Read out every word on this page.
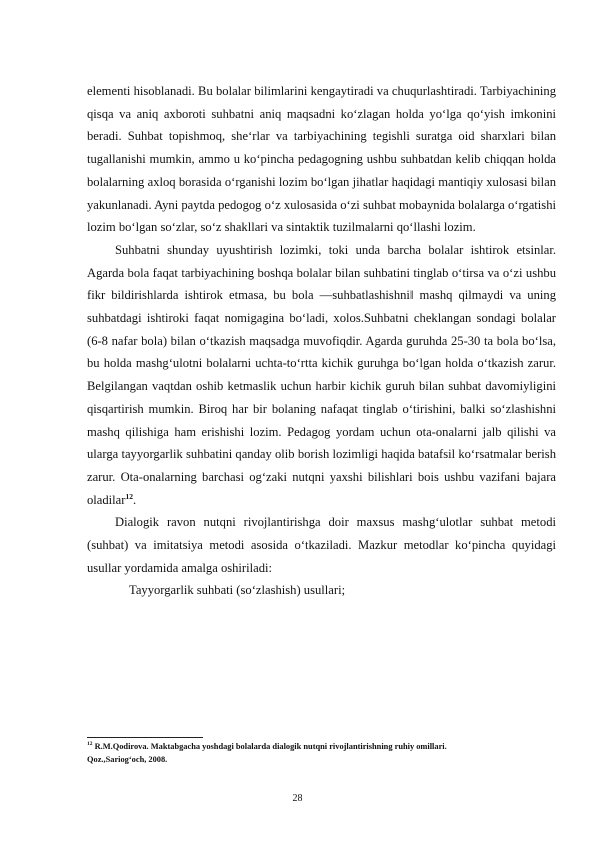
elementi hisoblanadi. Bu bolalar bilimlarini kengaytiradi va chuqurlashtiradi. Tarbiyachining qisqa va aniq axboroti suhbatni aniq maqsadni ko‘zlagan holda yo‘lga qo‘yish imkonini beradi. Suhbat topishmoq, she‘rlar va tarbiyachining tegishli suratga oid sharxlari bilan tugallanishi mumkin, ammo u ko‘pincha pedagogning ushbu suhbatdan kelib chiqqan holda bolalarning axloq borasida o‘rganishi lozim bo‘lgan jihatlar haqidagi mantiqiy xulosasi bilan yakunlanadi. Ayni paytda pedogog o‘z xulosasida o‘zi suhbat mobaynida bolalarga o‘rgatishi lozim bo‘lgan so‘zlar, so‘z shakllari va sintaktik tuzilmalarni qo‘llashi lozim.

Suhbatni shunday uyushtirish lozimki, toki unda barcha bolalar ishtirok etsinlar. Agarda bola faqat tarbiyachining boshqa bolalar bilan suhbatini tinglab o‘tirsa va o‘zi ushbu fikr bildirishlarda ishtirok etmasa, bu bola ―suhbatlashishni‖ mashq qilmaydi va uning suhbatdagi ishtiroki faqat nomigagina bo‘ladi, xolos.Suhbatni cheklangan sondagi bolalar (6-8 nafar bola) bilan o‘tkazish maqsadga muvofiqdir. Agarda guruhda 25-30 ta bola bo‘lsa, bu holda mashg‘ulotni bolalarni uchta-to‘rtta kichik guruhga bo‘lgan holda o‘tkazish zarur. Belgilangan vaqtdan oshib ketmaslik uchun harbir kichik guruh bilan suhbat davomiyligini qisqartirish mumkin. Biroq har bir bolaning nafaqat tinglab o‘tirishini, balki so‘zlashishni mashq qilishiga ham erishishi lozim. Pedagog yordam uchun ota-onalarni jalb qilishi va ularga tayyorgarlik suhbatini qanday olib borish lozimligi haqida batafsil ko‘rsatmalar berish zarur. Ota-onalarning barchasi og‘zaki nutqni yaxshi bilishlari bois ushbu vazifani bajara oladilar$^{12}$.

Dialogik ravon nutqni rivojlantirishga doir maxsus mashg‘ulotlar suhbat metodi (suhbat) va imitatsiya metodi asosida o‘tkaziladi. Mazkur metodlar ko‘pincha quyidagi usullar yordamida amalga oshiriladi:

Tayyorgarlik suhbati (so‘zlashish) usullari;

$^{12}$ R.M.Qodirova. Maktabgacha yoshdagi bolalarda dialogik nutqni rivojlantirishning ruhiy omillari.
Qoz.,Sariog‘och, 2008.
28
